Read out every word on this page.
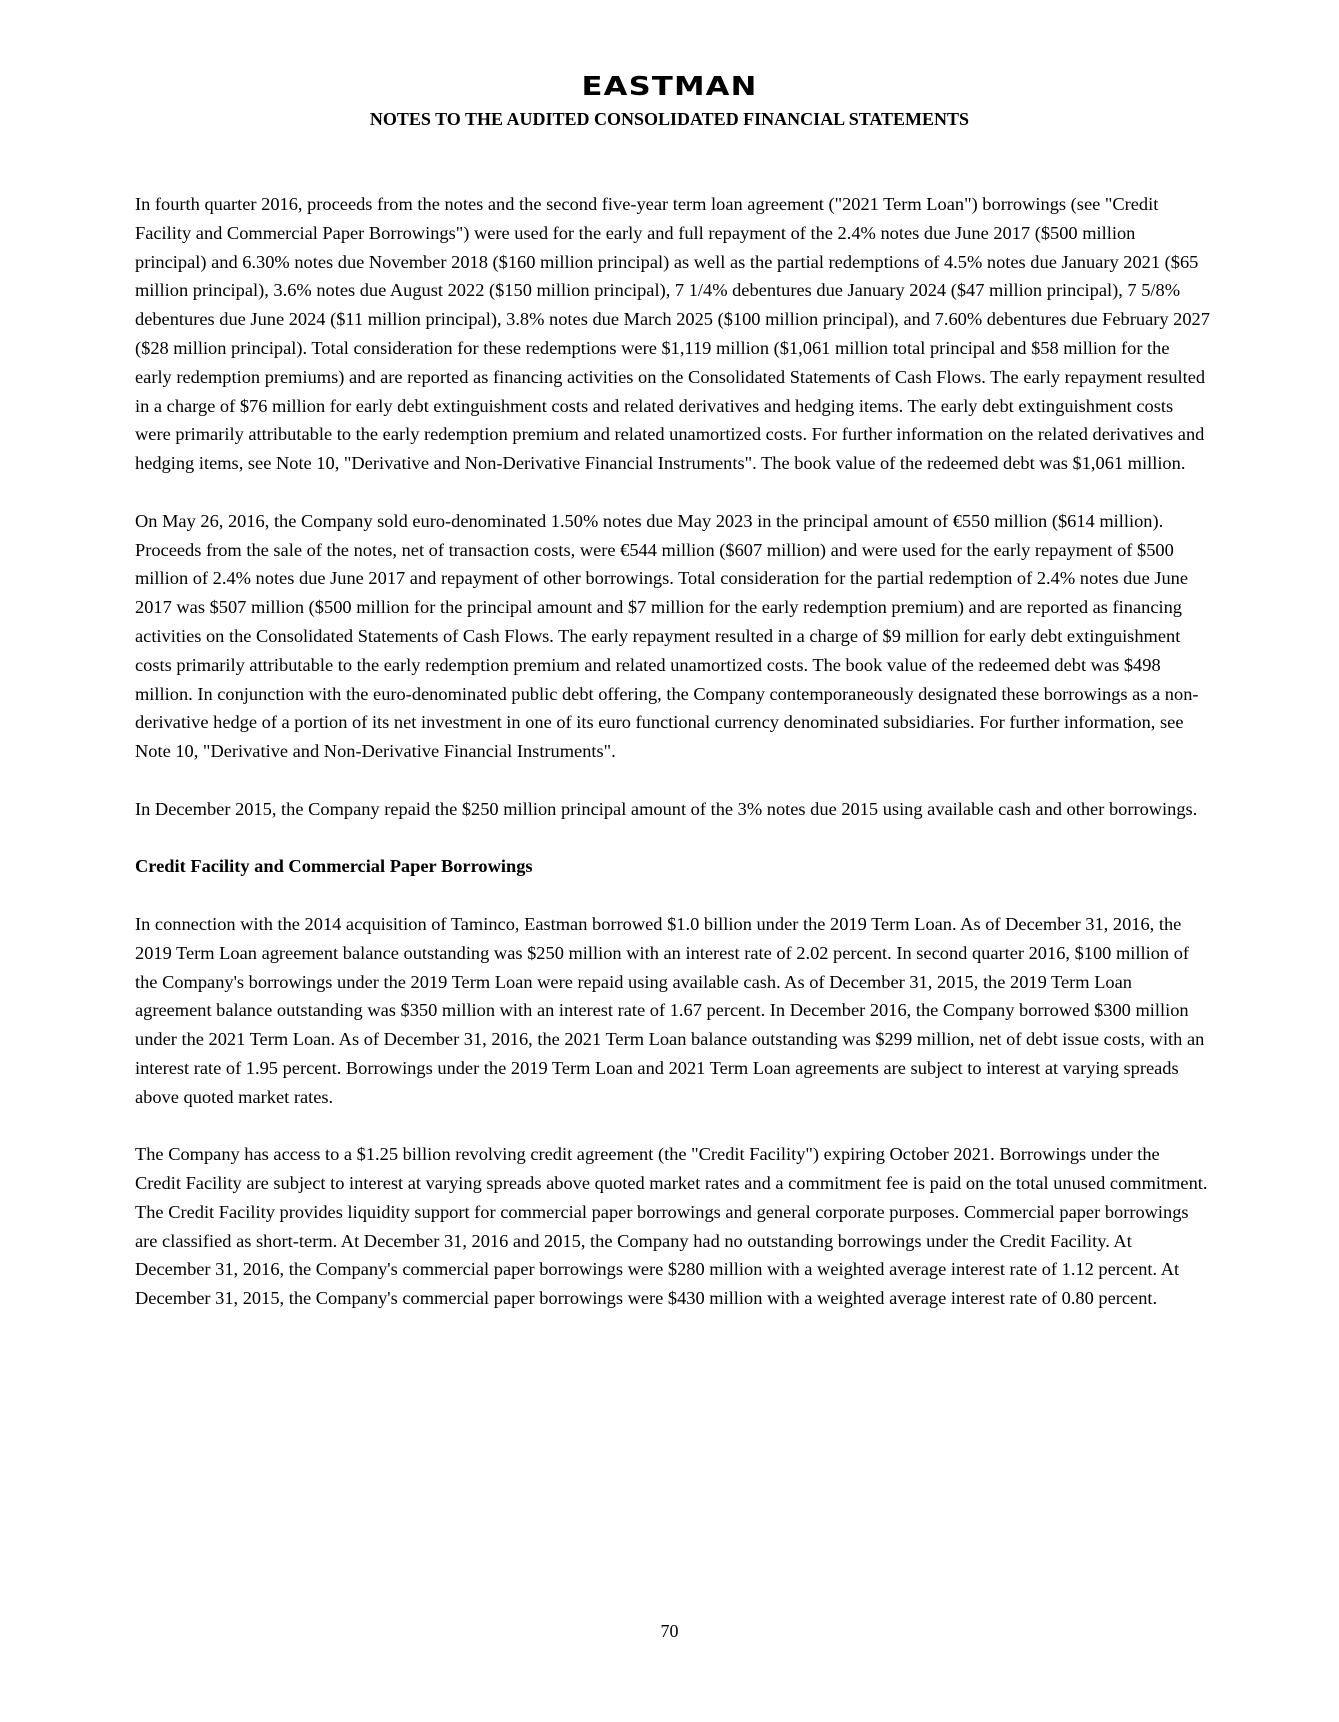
EASTMAN
NOTES TO THE AUDITED CONSOLIDATED FINANCIAL STATEMENTS

In fourth quarter 2016, proceeds from the notes and the second five-year term loan agreement ("2021 Term Loan") borrowings (see "Credit Facility and Commercial Paper Borrowings") were used for the early and full repayment of the 2.4% notes due June 2017 ($500 million principal) and 6.30% notes due November 2018 ($160 million principal) as well as the partial redemptions of 4.5% notes due January 2021 ($65 million principal), 3.6% notes due August 2022 ($150 million principal), 7 1/4% debentures due January 2024 ($47 million principal), 7 5/8% debentures due June 2024 ($11 million principal), 3.8% notes due March 2025 ($100 million principal), and 7.60% debentures due February 2027 ($28 million principal). Total consideration for these redemptions were $1,119 million ($1,061 million total principal and $58 million for the early redemption premiums) and are reported as financing activities on the Consolidated Statements of Cash Flows. The early repayment resulted in a charge of $76 million for early debt extinguishment costs and related derivatives and hedging items. The early debt extinguishment costs were primarily attributable to the early redemption premium and related unamortized costs. For further information on the related derivatives and hedging items, see Note 10, "Derivative and Non-Derivative Financial Instruments". The book value of the redeemed debt was $1,061 million.

On May 26, 2016, the Company sold euro-denominated 1.50% notes due May 2023 in the principal amount of €550 million ($614 million). Proceeds from the sale of the notes, net of transaction costs, were €544 million ($607 million) and were used for the early repayment of $500 million of 2.4% notes due June 2017 and repayment of other borrowings. Total consideration for the partial redemption of 2.4% notes due June 2017 was $507 million ($500 million for the principal amount and $7 million for the early redemption premium) and are reported as financing activities on the Consolidated Statements of Cash Flows. The early repayment resulted in a charge of $9 million for early debt extinguishment costs primarily attributable to the early redemption premium and related unamortized costs. The book value of the redeemed debt was $498 million. In conjunction with the euro-denominated public debt offering, the Company contemporaneously designated these borrowings as a non-derivative hedge of a portion of its net investment in one of its euro functional currency denominated subsidiaries. For further information, see Note 10, "Derivative and Non-Derivative Financial Instruments".

In December 2015, the Company repaid the $250 million principal amount of the 3% notes due 2015 using available cash and other borrowings.

Credit Facility and Commercial Paper Borrowings

In connection with the 2014 acquisition of Taminco, Eastman borrowed $1.0 billion under the 2019 Term Loan. As of December 31, 2016, the 2019 Term Loan agreement balance outstanding was $250 million with an interest rate of 2.02 percent. In second quarter 2016, $100 million of the Company's borrowings under the 2019 Term Loan were repaid using available cash. As of December 31, 2015, the 2019 Term Loan agreement balance outstanding was $350 million with an interest rate of 1.67 percent. In December 2016, the Company borrowed $300 million under the 2021 Term Loan. As of December 31, 2016, the 2021 Term Loan balance outstanding was $299 million, net of debt issue costs, with an interest rate of 1.95 percent. Borrowings under the 2019 Term Loan and 2021 Term Loan agreements are subject to interest at varying spreads above quoted market rates.

The Company has access to a $1.25 billion revolving credit agreement (the "Credit Facility") expiring October 2021. Borrowings under the Credit Facility are subject to interest at varying spreads above quoted market rates and a commitment fee is paid on the total unused commitment. The Credit Facility provides liquidity support for commercial paper borrowings and general corporate purposes. Commercial paper borrowings are classified as short-term. At December 31, 2016 and 2015, the Company had no outstanding borrowings under the Credit Facility. At December 31, 2016, the Company's commercial paper borrowings were $280 million with a weighted average interest rate of 1.12 percent. At December 31, 2015, the Company's commercial paper borrowings were $430 million with a weighted average interest rate of 0.80 percent.

70
